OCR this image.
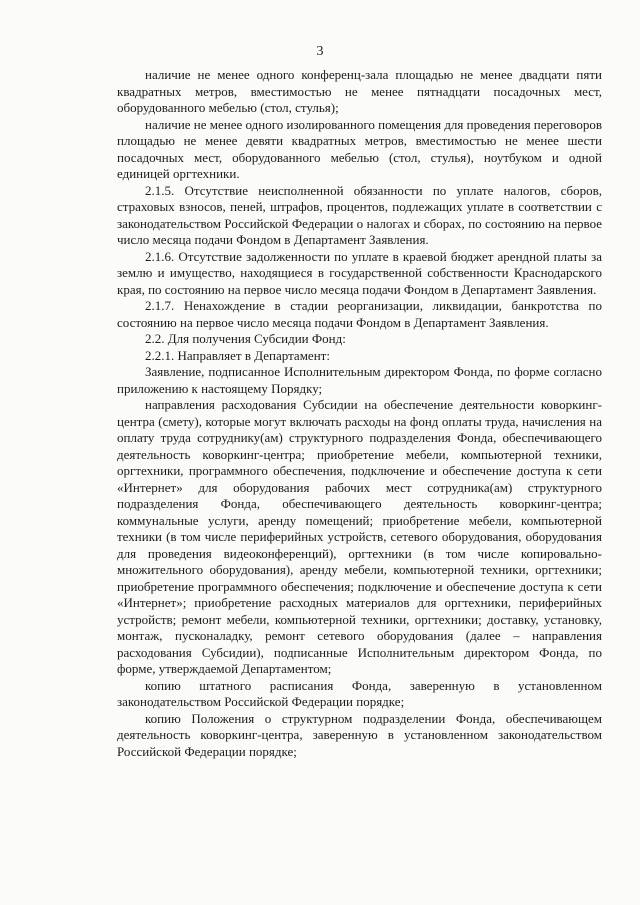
3

наличие не менее одного конференц-зала площадью не менее двадцати пяти квадратных метров, вместимостью не менее пятнадцати посадочных мест, оборудованного мебелью (стол, стулья);

наличие не менее одного изолированного помещения для проведения переговоров площадью не менее девяти квадратных метров, вместимостью не менее шести посадочных мест, оборудованного мебелью (стол, стулья), ноутбуком и одной единицей оргтехники.

2.1.5. Отсутствие неисполненной обязанности по уплате налогов, сборов, страховых взносов, пеней, штрафов, процентов, подлежащих уплате в соответствии с законодательством Российской Федерации о налогах и сборах, по состоянию на первое число месяца подачи Фондом в Департамент Заявления.

2.1.6. Отсутствие задолженности по уплате в краевой бюджет арендной платы за землю и имущество, находящиеся в государственной собственности Краснодарского края, по состоянию на первое число месяца подачи Фондом в Департамент Заявления.

2.1.7. Ненахождение в стадии реорганизации, ликвидации, банкротства по состоянию на первое число месяца подачи Фондом в Департамент Заявления.

2.2. Для получения Субсидии Фонд:

2.2.1. Направляет в Департамент:

Заявление, подписанное Исполнительным директором Фонда, по форме согласно приложению к настоящему Порядку;

направления расходования Субсидии на обеспечение деятельности коворкинг-центра (смету), которые могут включать расходы на фонд оплаты труда, начисления на оплату труда сотруднику(ам) структурного подразделения Фонда, обеспечивающего деятельность коворкинг-центра; приобретение мебели, компьютерной техники, оргтехники, программного обеспечения, подключение и обеспечение доступа к сети «Интернет» для оборудования рабочих мест сотрудника(ам) структурного подразделения Фонда, обеспечивающего деятельность коворкинг-центра; коммунальные услуги, аренду помещений; приобретение мебели, компьютерной техники (в том числе периферийных устройств, сетевого оборудования, оборудования для проведения видеоконференций), оргтехники (в том числе копировально-множительного оборудования), аренду мебели, компьютерной техники, оргтехники; приобретение программного обеспечения; подключение и обеспечение доступа к сети «Интернет»; приобретение расходных материалов для оргтехники, периферийных устройств; ремонт мебели, компьютерной техники, оргтехники; доставку, установку, монтаж, пусконаладку, ремонт сетевого оборудования (далее – направления расходования Субсидии), подписанные Исполнительным директором Фонда, по форме, утверждаемой Департаментом;

копию штатного расписания Фонда, заверенную в установленном законодательством Российской Федерации порядке;

копию Положения о структурном подразделении Фонда, обеспечивающем деятельность коворкинг-центра, заверенную в установленном законодательством Российской Федерации порядке;
